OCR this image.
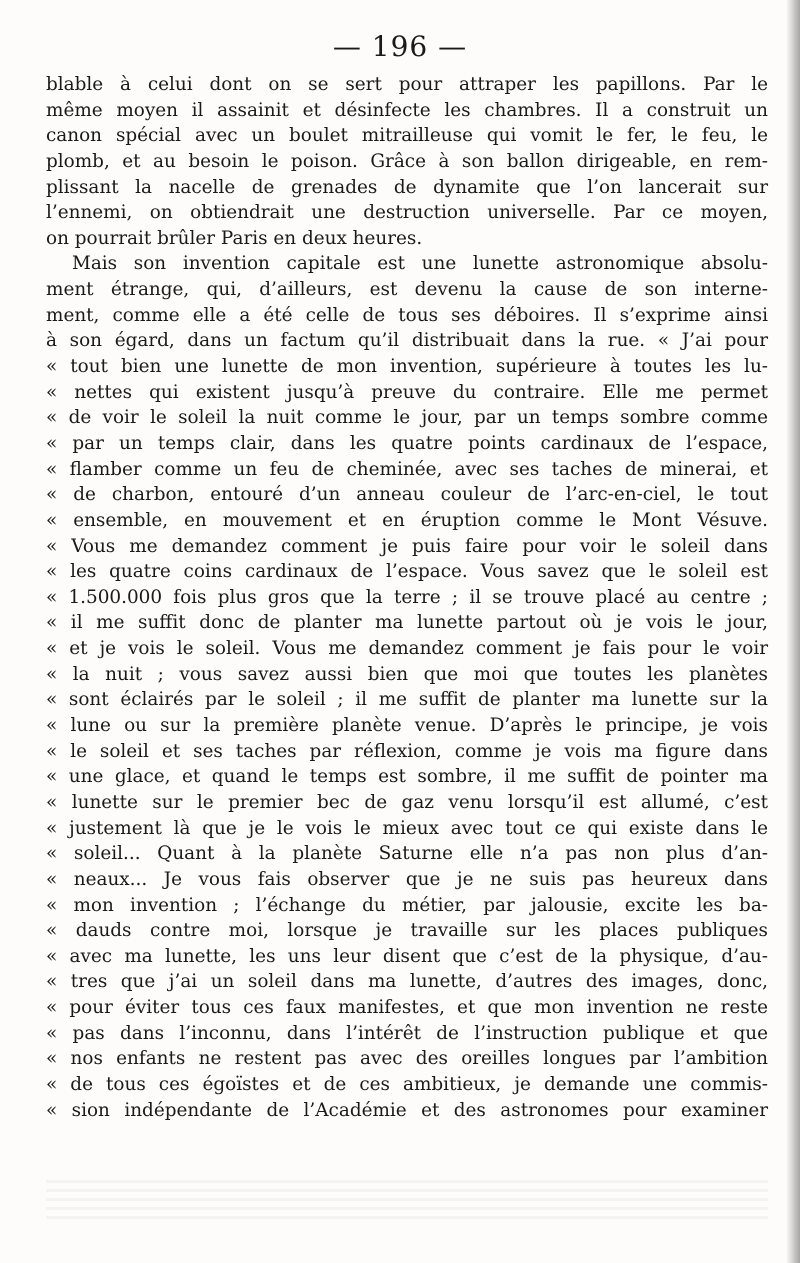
— 196 —
blable à celui dont on se sert pour attraper les papillons. Par le
même moyen il assainit et désinfecte les chambres. Il a construit un
canon spécial avec un boulet mitrailleuse qui vomit le fer, le feu, le
plomb, et au besoin le poison. Grâce à son ballon dirigeable, en rem-
plissant la nacelle de grenades de dynamite que l’on lancerait sur
l’ennemi, on obtiendrait une destruction universelle. Par ce moyen,
on pourrait brûler Paris en deux heures.
Mais son invention capitale est une lunette astronomique absolu-
ment étrange, qui, d’ailleurs, est devenu la cause de son interne-
ment, comme elle a été celle de tous ses déboires. Il s’exprime ainsi
à son égard, dans un factum qu’il distribuait dans la rue. « J’ai pour
« tout bien une lunette de mon invention, supérieure à toutes les lu-
« nettes qui existent jusqu’à preuve du contraire. Elle me permet
« de voir le soleil la nuit comme le jour, par un temps sombre comme
« par un temps clair, dans les quatre points cardinaux de l’espace,
« flamber comme un feu de cheminée, avec ses taches de minerai, et
« de charbon, entouré d’un anneau couleur de l’arc-en-ciel, le tout
« ensemble, en mouvement et en éruption comme le Mont Vésuve.
« Vous me demandez comment je puis faire pour voir le soleil dans
« les quatre coins cardinaux de l’espace. Vous savez que le soleil est
« 1.500.000 fois plus gros que la terre ; il se trouve placé au centre ;
« il me suffit donc de planter ma lunette partout où je vois le jour,
« et je vois le soleil. Vous me demandez comment je fais pour le voir
« la nuit ; vous savez aussi bien que moi que toutes les planètes
« sont éclairés par le soleil ; il me suffit de planter ma lunette sur la
« lune ou sur la première planète venue. D’après le principe, je vois
« le soleil et ses taches par réflexion, comme je vois ma figure dans
« une glace, et quand le temps est sombre, il me suffit de pointer ma
« lunette sur le premier bec de gaz venu lorsqu’il est allumé, c’est
« justement là que je le vois le mieux avec tout ce qui existe dans le
« soleil... Quant à la planète Saturne elle n’a pas non plus d’an-
« neaux... Je vous fais observer que je ne suis pas heureux dans
« mon invention ; l’échange du métier, par jalousie, excite les ba-
« dauds contre moi, lorsque je travaille sur les places publiques
« avec ma lunette, les uns leur disent que c’est de la physique, d’au-
« tres que j’ai un soleil dans ma lunette, d’autres des images, donc,
« pour éviter tous ces faux manifestes, et que mon invention ne reste
« pas dans l’inconnu, dans l’intérêt de l’instruction publique et que
« nos enfants ne restent pas avec des oreilles longues par l’ambition
« de tous ces égoïstes et de ces ambitieux, je demande une commis-
« sion indépendante de l’Académie et des astronomes pour examiner
